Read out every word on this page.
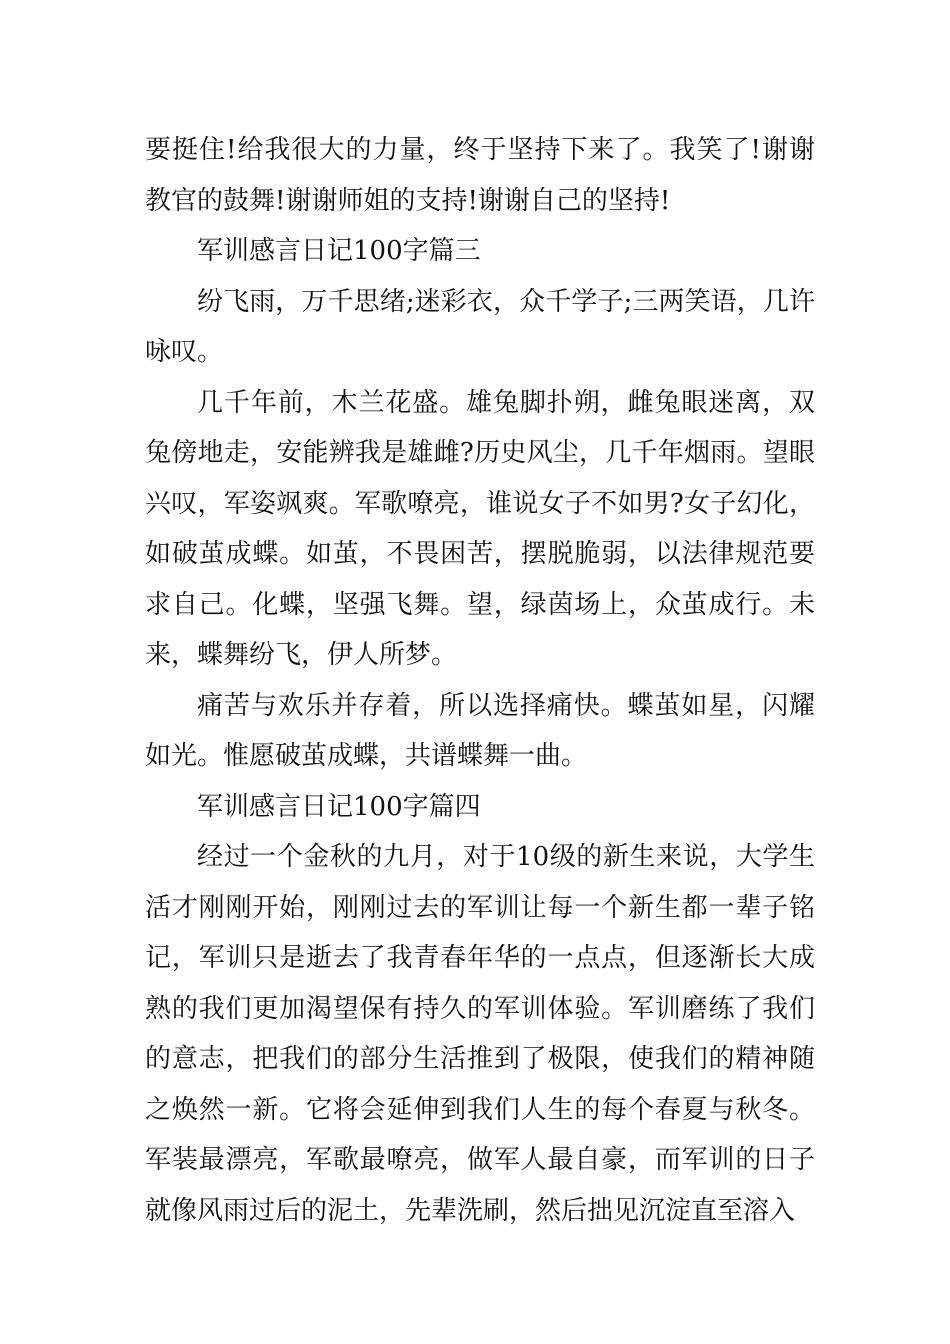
要挺住!给我很大的力量，终于坚持下来了。我笑了!谢谢教官的鼓舞!谢谢师姐的支持!谢谢自己的坚持!

军训感言日记100字篇三

纷飞雨，万千思绪;迷彩衣，众千学子;三两笑语，几许咏叹。

几千年前，木兰花盛。雄兔脚扑朔，雌兔眼迷离，双兔傍地走，安能辨我是雄雌?历史风尘，几千年烟雨。望眼兴叹，军姿飒爽。军歌嘹亮，谁说女子不如男?女子幻化，如破茧成蝶。如茧，不畏困苦，摆脱脆弱，以法律规范要求自己。化蝶，坚强飞舞。望，绿茵场上，众茧成行。未来，蝶舞纷飞，伊人所梦。

痛苦与欢乐并存着，所以选择痛快。蝶茧如星，闪耀如光。惟愿破茧成蝶，共谱蝶舞一曲。

军训感言日记100字篇四

经过一个金秋的九月，对于10级的新生来说，大学生活才刚刚开始，刚刚过去的军训让每一个新生都一辈子铭记，军训只是逝去了我青春年华的一点点，但逐渐长大成熟的我们更加渴望保有持久的军训体验。军训磨练了我们的意志，把我们的部分生活推到了极限，使我们的精神随之焕然一新。它将会延伸到我们人生的每个春夏与秋冬。军装最漂亮，军歌最嘹亮，做军人最自豪，而军训的日子就像风雨过后的泥土，先辈洗刷，然后拙见沉淀直至溶入
